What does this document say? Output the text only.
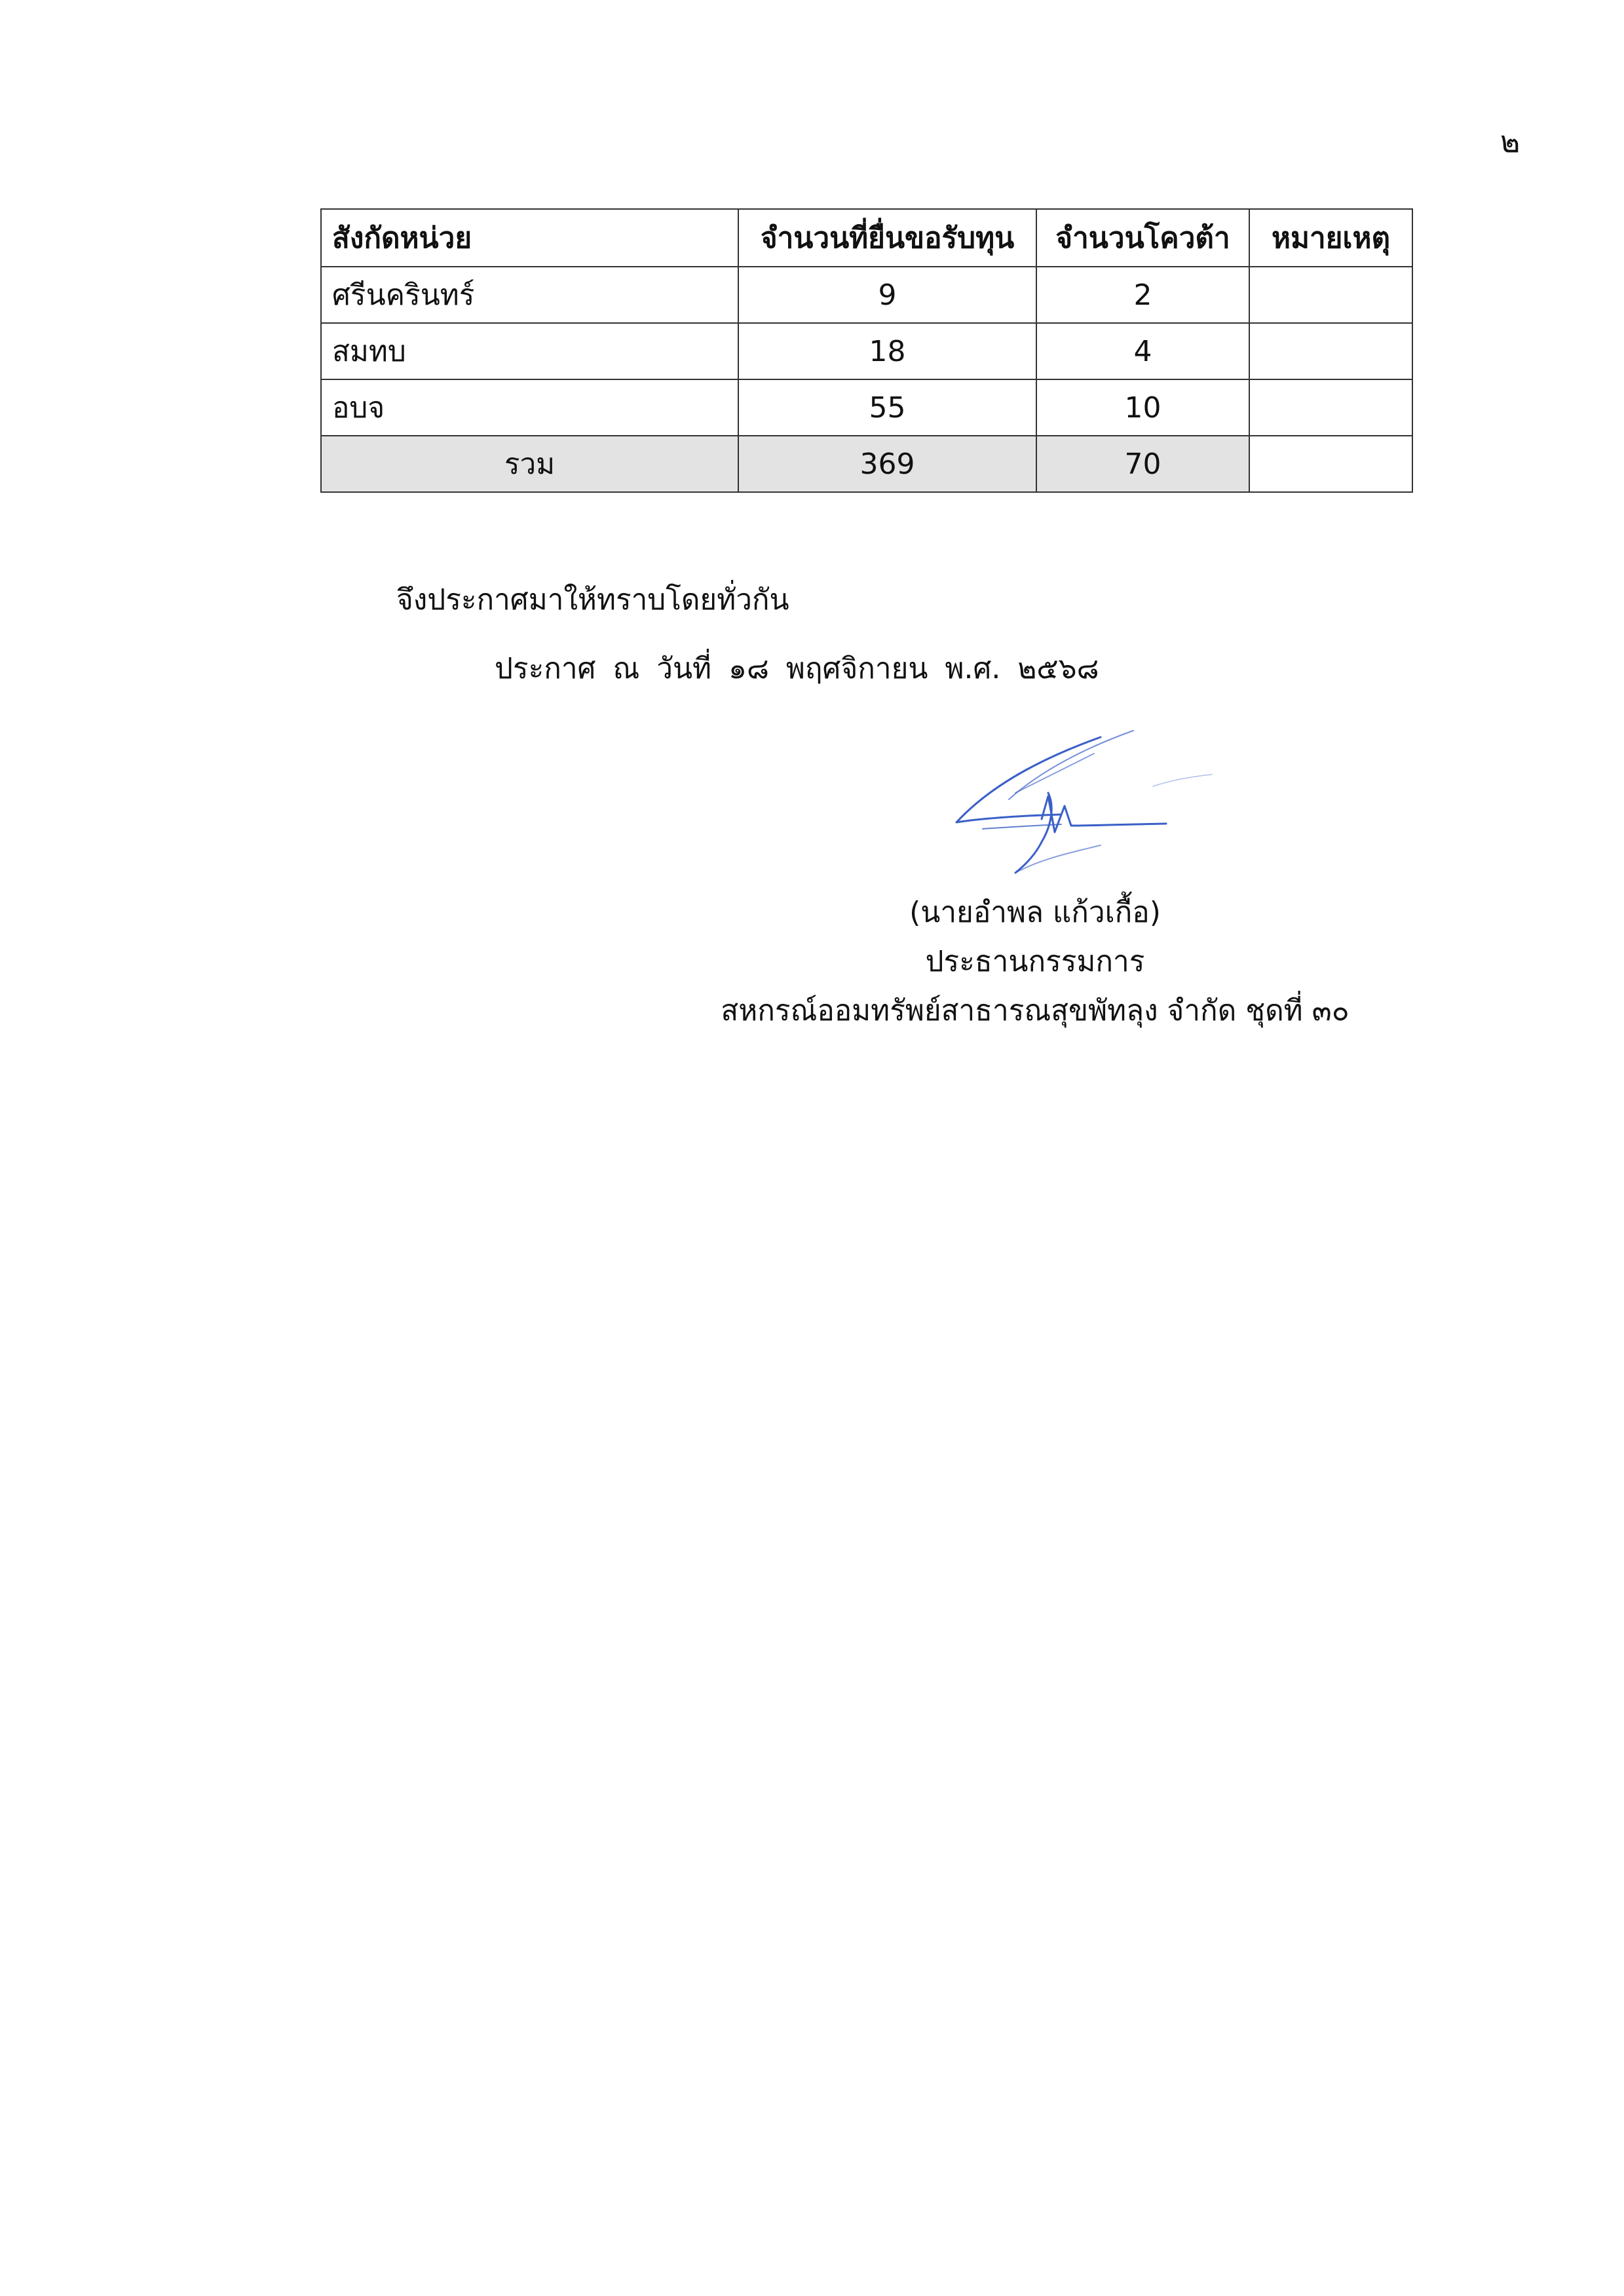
๒
สังกัดหน่วย	จำนวนที่ยื่นขอรับทุน	จำนวนโควต้า	หมายเหตุ
ศรีนครินทร์	9	2	
สมทบ	18	4	
อบจ	55	10	
รวม	369	70	
จึงประกาศมาให้ทราบโดยทั่วกัน
ประกาศ ณ วันที่ ๑๘ พฤศจิกายน พ.ศ. ๒๕๖๘
(นายอำพล แก้วเกื้อ)
ประธานกรรมการ
สหกรณ์ออมทรัพย์สาธารณสุขพัทลุง จำกัด ชุดที่ ๓๐
